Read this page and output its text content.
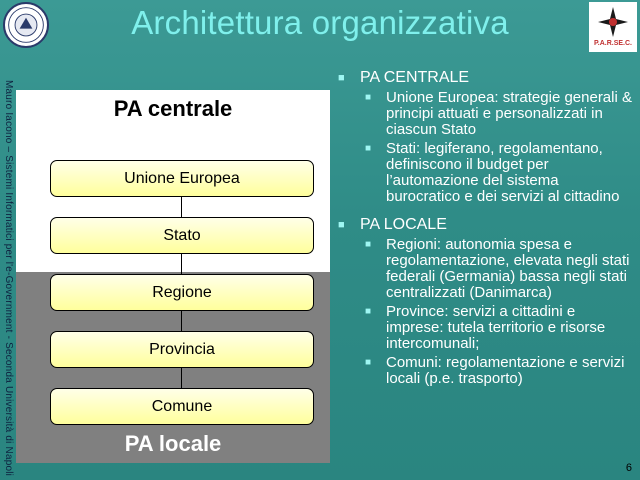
Architettura organizzativa
P.A.R.SE.C.
Mauro Iacono – Sistemi Informatici per l'e-Government - Seconda Università di Napoli	PA centrale
Unione Europea
Stato
Regione
Provincia
Comune
PA locale
■ PA CENTRALE
■ Unione Europea: strategie generali & principi attuati e personalizzati in ciascun Stato
■ Stati: legiferano, regolamentano, definiscono il budget per l’automazione del sistema burocratico e dei servizi al cittadino
■ PA LOCALE
■ Regioni: autonomia spesa e regolamentazione, elevata negli stati federali (Germania) bassa negli stati centralizzati (Danimarca)
■ Province: servizi a cittadini e imprese: tutela territorio e risorse intercomunali;
■ Comuni: regolamentazione e servizi locali (p.e. trasporto)
6
